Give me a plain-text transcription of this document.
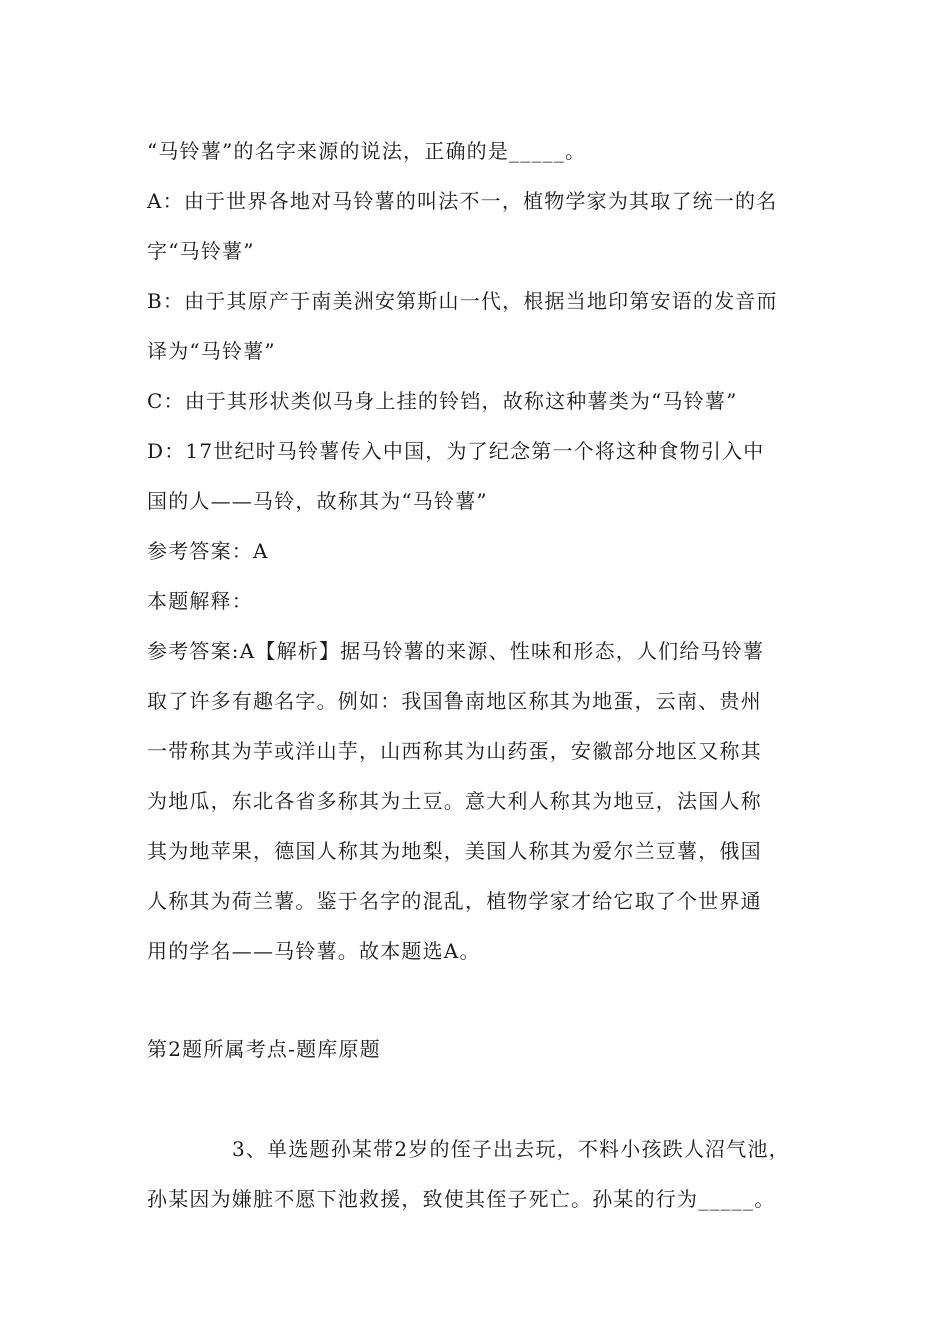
“马铃薯”的名字来源的说法，正确的是_____。
A：由于世界各地对马铃薯的叫法不一，植物学家为其取了统一的名
字“马铃薯”
B：由于其原产于南美洲安第斯山一代，根据当地印第安语的发音而
译为“马铃薯”
C：由于其形状类似马身上挂的铃铛，故称这种薯类为“马铃薯”
D：17世纪时马铃薯传入中国，为了纪念第一个将这种食物引入中
国的人——马铃，故称其为“马铃薯”
参考答案：A
本题解释：
参考答案:A【解析】据马铃薯的来源、性味和形态，人们给马铃薯
取了许多有趣名字。例如：我国鲁南地区称其为地蛋，云南、贵州
一带称其为芋或洋山芋，山西称其为山药蛋，安徽部分地区又称其
为地瓜，东北各省多称其为土豆。意大利人称其为地豆，法国人称
其为地苹果，德国人称其为地梨，美国人称其为爱尔兰豆薯，俄国
人称其为荷兰薯。鉴于名字的混乱，植物学家才给它取了个世界通
用的学名——马铃薯。故本题选A。
第2题所属考点-题库原题
3、单选题孙某带2岁的侄子出去玩，不料小孩跌人沼气池，
孙某因为嫌脏不愿下池救援，致使其侄子死亡。孙某的行为_____。
